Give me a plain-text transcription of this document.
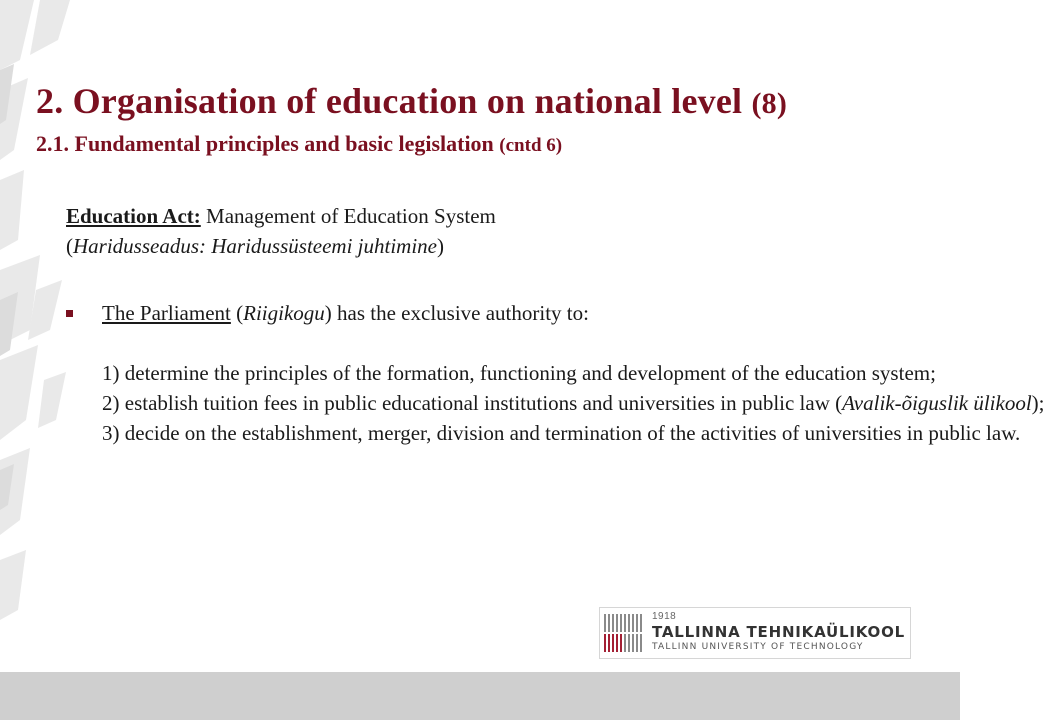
2. Organisation of education on national level (8)
2.1. Fundamental principles and basic legislation (cntd 6)
Education Act: Management of Education System
(Haridusseadus: Haridussüsteemi juhtimine)
The Parliament (Riigikogu) has the exclusive authority to:
1) determine the principles of the formation, functioning and development of the education system;
2) establish tuition fees in public educational institutions and universities in public law (Avalik-õiguslik ülikool);
3) decide on the establishment, merger, division and termination of the activities of universities in public law.
1918
TALLINNA TEHNIKAÜLIKOOL
TALLINN UNIVERSITY OF TECHNOLOGY
